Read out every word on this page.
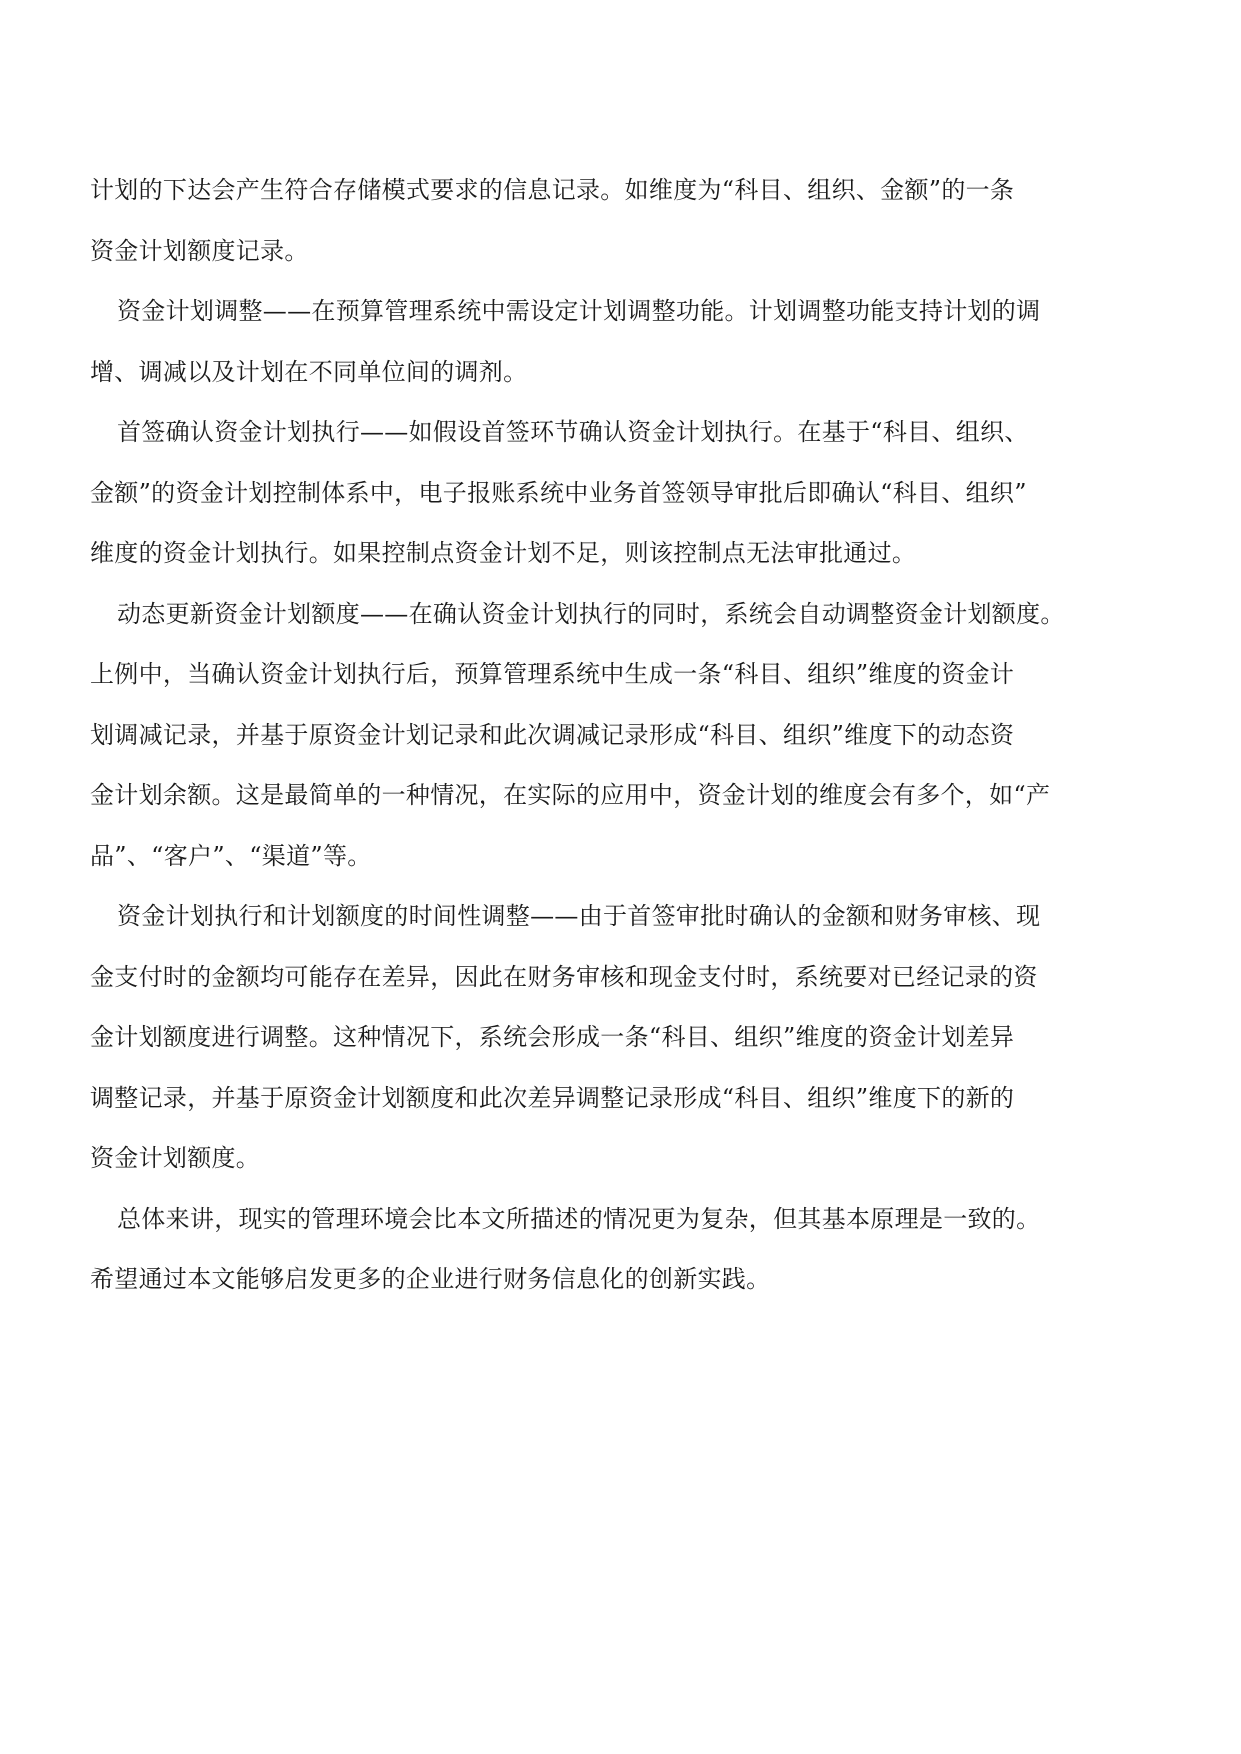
计划的下达会产生符合存储模式要求的信息记录。如维度为“科目、组织、金额”的一条
资金计划额度记录。

资金计划调整——在预算管理系统中需设定计划调整功能。计划调整功能支持计划的调
增、调减以及计划在不同单位间的调剂。

首签确认资金计划执行——如假设首签环节确认资金计划执行。在基于“科目、组织、
金额”的资金计划控制体系中，电子报账系统中业务首签领导审批后即确认“科目、组织”
维度的资金计划执行。如果控制点资金计划不足，则该控制点无法审批通过。

动态更新资金计划额度——在确认资金计划执行的同时，系统会自动调整资金计划额度。
上例中，当确认资金计划执行后，预算管理系统中生成一条“科目、组织”维度的资金计
划调减记录，并基于原资金计划记录和此次调减记录形成“科目、组织”维度下的动态资
金计划余额。这是最简单的一种情况，在实际的应用中，资金计划的维度会有多个，如“产
品”、“客户”、“渠道”等。

资金计划执行和计划额度的时间性调整——由于首签审批时确认的金额和财务审核、现
金支付时的金额均可能存在差异，因此在财务审核和现金支付时，系统要对已经记录的资
金计划额度进行调整。这种情况下，系统会形成一条“科目、组织”维度的资金计划差异
调整记录，并基于原资金计划额度和此次差异调整记录形成“科目、组织”维度下的新的
资金计划额度。

总体来讲，现实的管理环境会比本文所描述的情况更为复杂，但其基本原理是一致的。
希望通过本文能够启发更多的企业进行财务信息化的创新实践。
